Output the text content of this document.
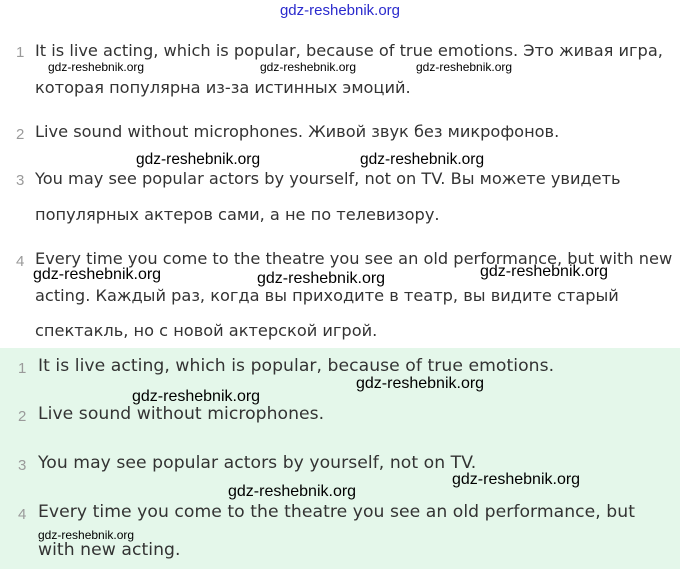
1 It is live acting, which is popular, because of true emotions. Это живая игра,
которая популярна из-за истинных эмоций.
2 Live sound without microphones. Живой звук без микрофонов.
3 You may see popular actors by yourself, not on TV. Вы можете увидеть
популярных актеров сами, а не по телевизору.
4 Every time you come to the theatre you see an old performance, but with new
acting. Каждый раз, когда вы приходите в театр, вы видите старый
спектакль, но с новой актерской игрой.
1 It is live acting, which is popular, because of true emotions.
2 Live sound without microphones.
3 You may see popular actors by yourself, not on TV.
4 Every time you come to the theatre you see an old performance, but
with new acting.
gdz-reshebnik.org
gdz-reshebnik.org	gdz-reshebnik.org	gdz-reshebnik.org
gdz-reshebnik.org	gdz-reshebnik.org
gdz-reshebnik.org	gdz-reshebnik.org	gdz-reshebnik.org
gdz-reshebnik.org
gdz-reshebnik.org
gdz-reshebnik.org
gdz-reshebnik.org
gdz-reshebnik.org
